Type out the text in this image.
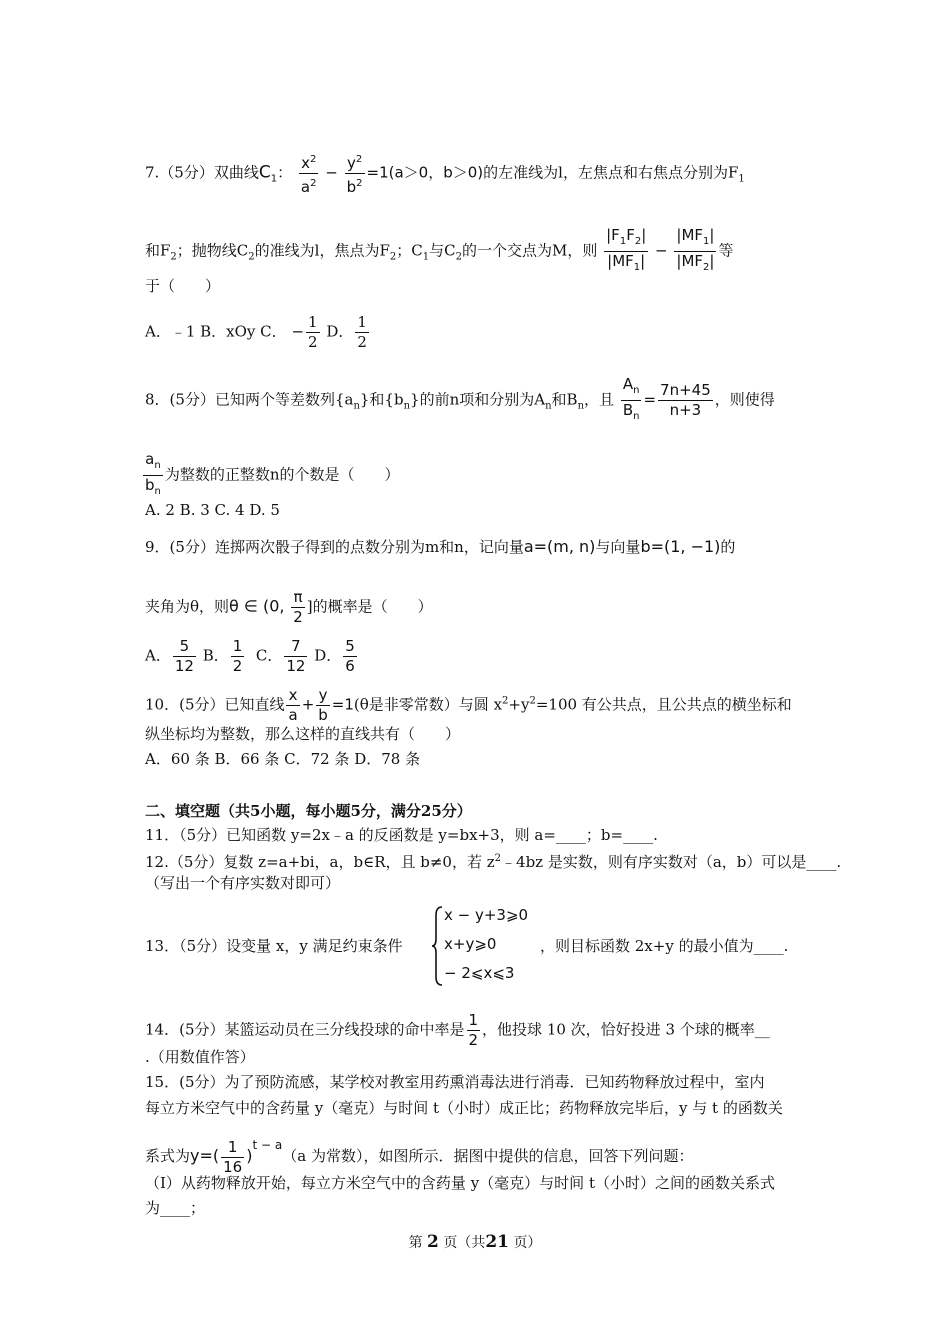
7.（5分）双曲线$C_1$： $\frac{x^2}{a^2} - \frac{y^2}{b^2} =1(a>0$，b＞0)的左准线为l，左焦点和右焦点分别为$F_1$
和$F_2$；抛物线$C_2$的准线为l，焦点为$F_2$；$C_1$与$C_2$的一个交点为M，则 $\frac{|F_1F_2|}{|MF_1|} - \frac{|MF_1|}{|MF_2|}$ 等
于（　　）
A．﹣1 B．xOy C． − $\frac{1}{2}$ D． $\frac{1}{2}$
8．(5分）已知两个等差数列$\{a_n\}$和$\{b_n\}$的前n项和分别为$A_n$和$B_n$，且 $\frac{A_n}{B_n} = \frac{7n+45}{n+3}$ ，则使得
$\frac{a_n}{b_n}$ 为整数的正整数n的个数是（　　）
A. 2 B. 3 C. 4 D. 5
9．(5分）连掷两次骰子得到的点数分别为m和n，记向量a=(m, n)与向量b=(1, −1)的
夹角为θ，则θ ∈ (0, $\frac{\pi}{2}$ ]的概率是（　　）
A． $\frac{5}{12}$ B． $\frac{1}{2}$ C． $\frac{7}{12}$ D． $\frac{5}{6}$
10．(5分）已知直线 $\frac{x}{a} + \frac{y}{b} =1(\theta$是非零常数）与圆 $x^2+y^2=100$ 有公共点，且公共点的横坐标和
纵坐标均为整数，那么这样的直线共有（　　）
A．60 条 B．66 条 C．72 条 D．78 条
二、填空题（共5小题，每小题5分，满分25分）
11．（5分）已知函数 y=2x﹣a 的反函数是 y=bx+3，则 a=____；b=____.
12.（5分）复数 z=a+bi，a，b∈R，且 b≠0，若 $z^2﹣4bz$ 是实数，则有序实数对（a，b）可以是____.
（写出一个有序实数对即可）
13．（5分）设变量 x，y 满足约束条件
x − y+3⩾0
x+y⩾0
− 2⩽x⩽3
，则目标函数 2x+y 的最小值为____.
14．(5分）某篮运动员在三分线投球的命中率是 $\frac{1}{2}$ ，他投球 10 次，恰好投进 3 个球的概率__
.（用数值作答）
15．(5分）为了预防流感，某学校对教室用药熏消毒法进行消毒．已知药物释放过程中，室内
每立方米空气中的含药量 y（毫克）与时间 t（小时）成正比；药物释放完毕后，y 与 t 的函数关
系式为$y=( \frac{1}{16} )^{t - a}(a$ 为常数），如图所示．据图中提供的信息，回答下列问题：
（Ⅰ）从药物释放开始，每立方米空气中的含药量 y（毫克）与时间 t（小时）之间的函数关系式
为____；
第 2 页（共21 页）
